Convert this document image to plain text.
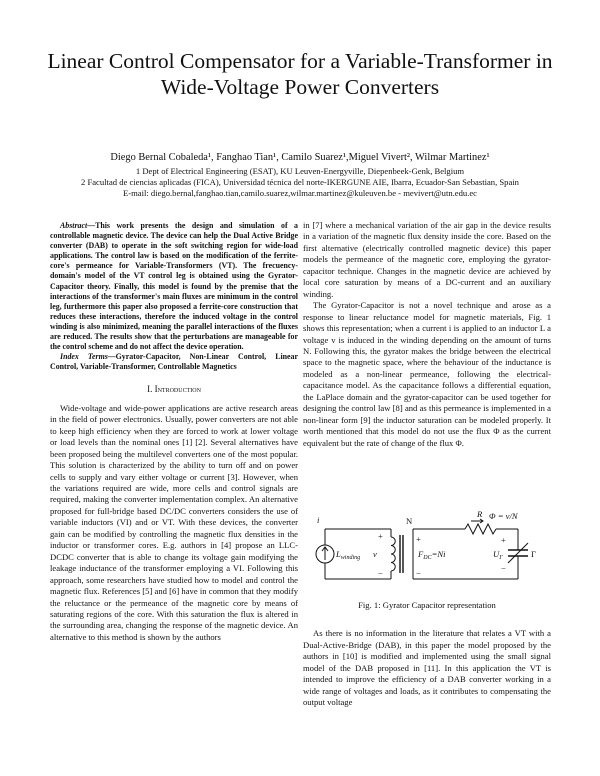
Linear Control Compensator for a Variable-Transformer in Wide-Voltage Power Converters
Diego Bernal Cobaleda¹, Fanghao Tian¹, Camilo Suarez¹,Miguel Vivert², Wilmar Martinez¹
1 Dept of Electrical Engineering (ESAT), KU Leuven-Energyville, Diepenbeek-Genk, Belgium
2 Facultad de ciencias aplicadas (FICA), Universidad técnica del norte-IKERGUNE AIE, Ibarra, Ecuador-San Sebastian, Spain
E-mail: diego.bernal,fanghao.tian,camilo.suarez,wilmar.martinez@kuleuven.be - mevivert@utn.edu.ec

Abstract—This work presents the design and simulation of a controllable magnetic device. The device can help the Dual Active Bridge converter (DAB) to operate in the soft switching region for wide-load applications. The control law is based on the modification of the ferrite-core's permeance for Variable-Transformers (VT). The frecuency-domain's model of the VT control leg is obtained using the Gyrator-Capacitor theory. Finally, this model is found by the premise that the interactions of the transformer's main fluxes are minimum in the control leg, furthermore this paper also proposed a ferrite-core construction that reduces these interactions, therefore the induced voltage in the control winding is also minimized, meaning the parallel interactions of the fluxes are reduced. The results show that the perturbations are manageable for the control scheme and do not affect the device operation.

Index Terms—Gyrator-Capacitor, Non-Linear Control, Linear Control, Variable-Transformer, Controllable Magnetics

I. Introduction

Wide-voltage and wide-power applications are active research areas in the field of power electronics. Usually, power converters are not able to keep high efficiency when they are forced to work at lower voltage or load levels than the nominal ones [1] [2]. Several alternatives have been proposed being the multilevel converters one of the most popular. This solution is characterized by the ability to turn off and on power cells to supply and vary either voltage or current [3]. However, when the variations required are wide, more cells and control signals are required, making the converter implementation complex. An alternative proposed for full-bridge based DC/DC converters considers the use of variable inductors (VI) and or VT. With these devices, the converter gain can be modified by controlling the magnetic flux densities in the inductor or transformer cores. E.g. authors in [4] propose an LLC-DCDC converter that is able to change its voltage gain modifying the leakage inductance of the transformer employing a VI. Following this approach, some researchers have studied how to model and control the magnetic flux. References [5] and [6] have in common that they modify the reluctance or the permeance of the magnetic core by means of saturating regions of the core. With this saturation the flux is altered in the surrounding area, changing the response of the magnetic device. An alternative to this method is shown by the authors

in [7] where a mechanical variation of the air gap in the device results in a variation of the magnetic flux density inside the core. Based on the first alternative (electrically controlled magnetic device) this paper models the permeance of the magnetic core, employing the gyrator-capacitor technique. Changes in the magnetic device are achieved by local core saturation by means of a DC-current and an auxiliary winding.

The Gyrator-Capacitor is not a novel technique and arose as a response to linear reluctance model for magnetic materials, Fig. 1 shows this representation; when a current i is applied to an inductor L a voltage v is induced in the winding depending on the amount of turns N. Following this, the gyrator makes the bridge between the electrical space to the magnetic space, where the behaviour of the inductance is modeled as a non-linear permeance, following the electrical-capacitance model. As the capacitance follows a differential equation, the LaPlace domain and the gyrator-capacitor can be used together for designing the control law [8] and as this permeance is implemented in a non-linear form [9] the inductor saturation can be modeled properly. It worth mentioned that this model do not use the flux Φ as the current equivalent but the rate of change of the flux Φ.

i
$L_{winding}$
+
v
−
N
+
$F_{DC}=Ni$
−
R Φ = v/N
+
$U_\Gamma$
−
Γ
Fig. 1: Gyrator Capacitor representation

As there is no information in the literature that relates a VT with a Dual-Active-Bridge (DAB), in this paper the model proposed by the authors in [10] is modified and implemented using the small signal model of the DAB proposed in [11]. In this application the VT is intended to improve the efficiency of a DAB converter working in a wide range of voltages and loads, as it contributes to compensating the output voltage
